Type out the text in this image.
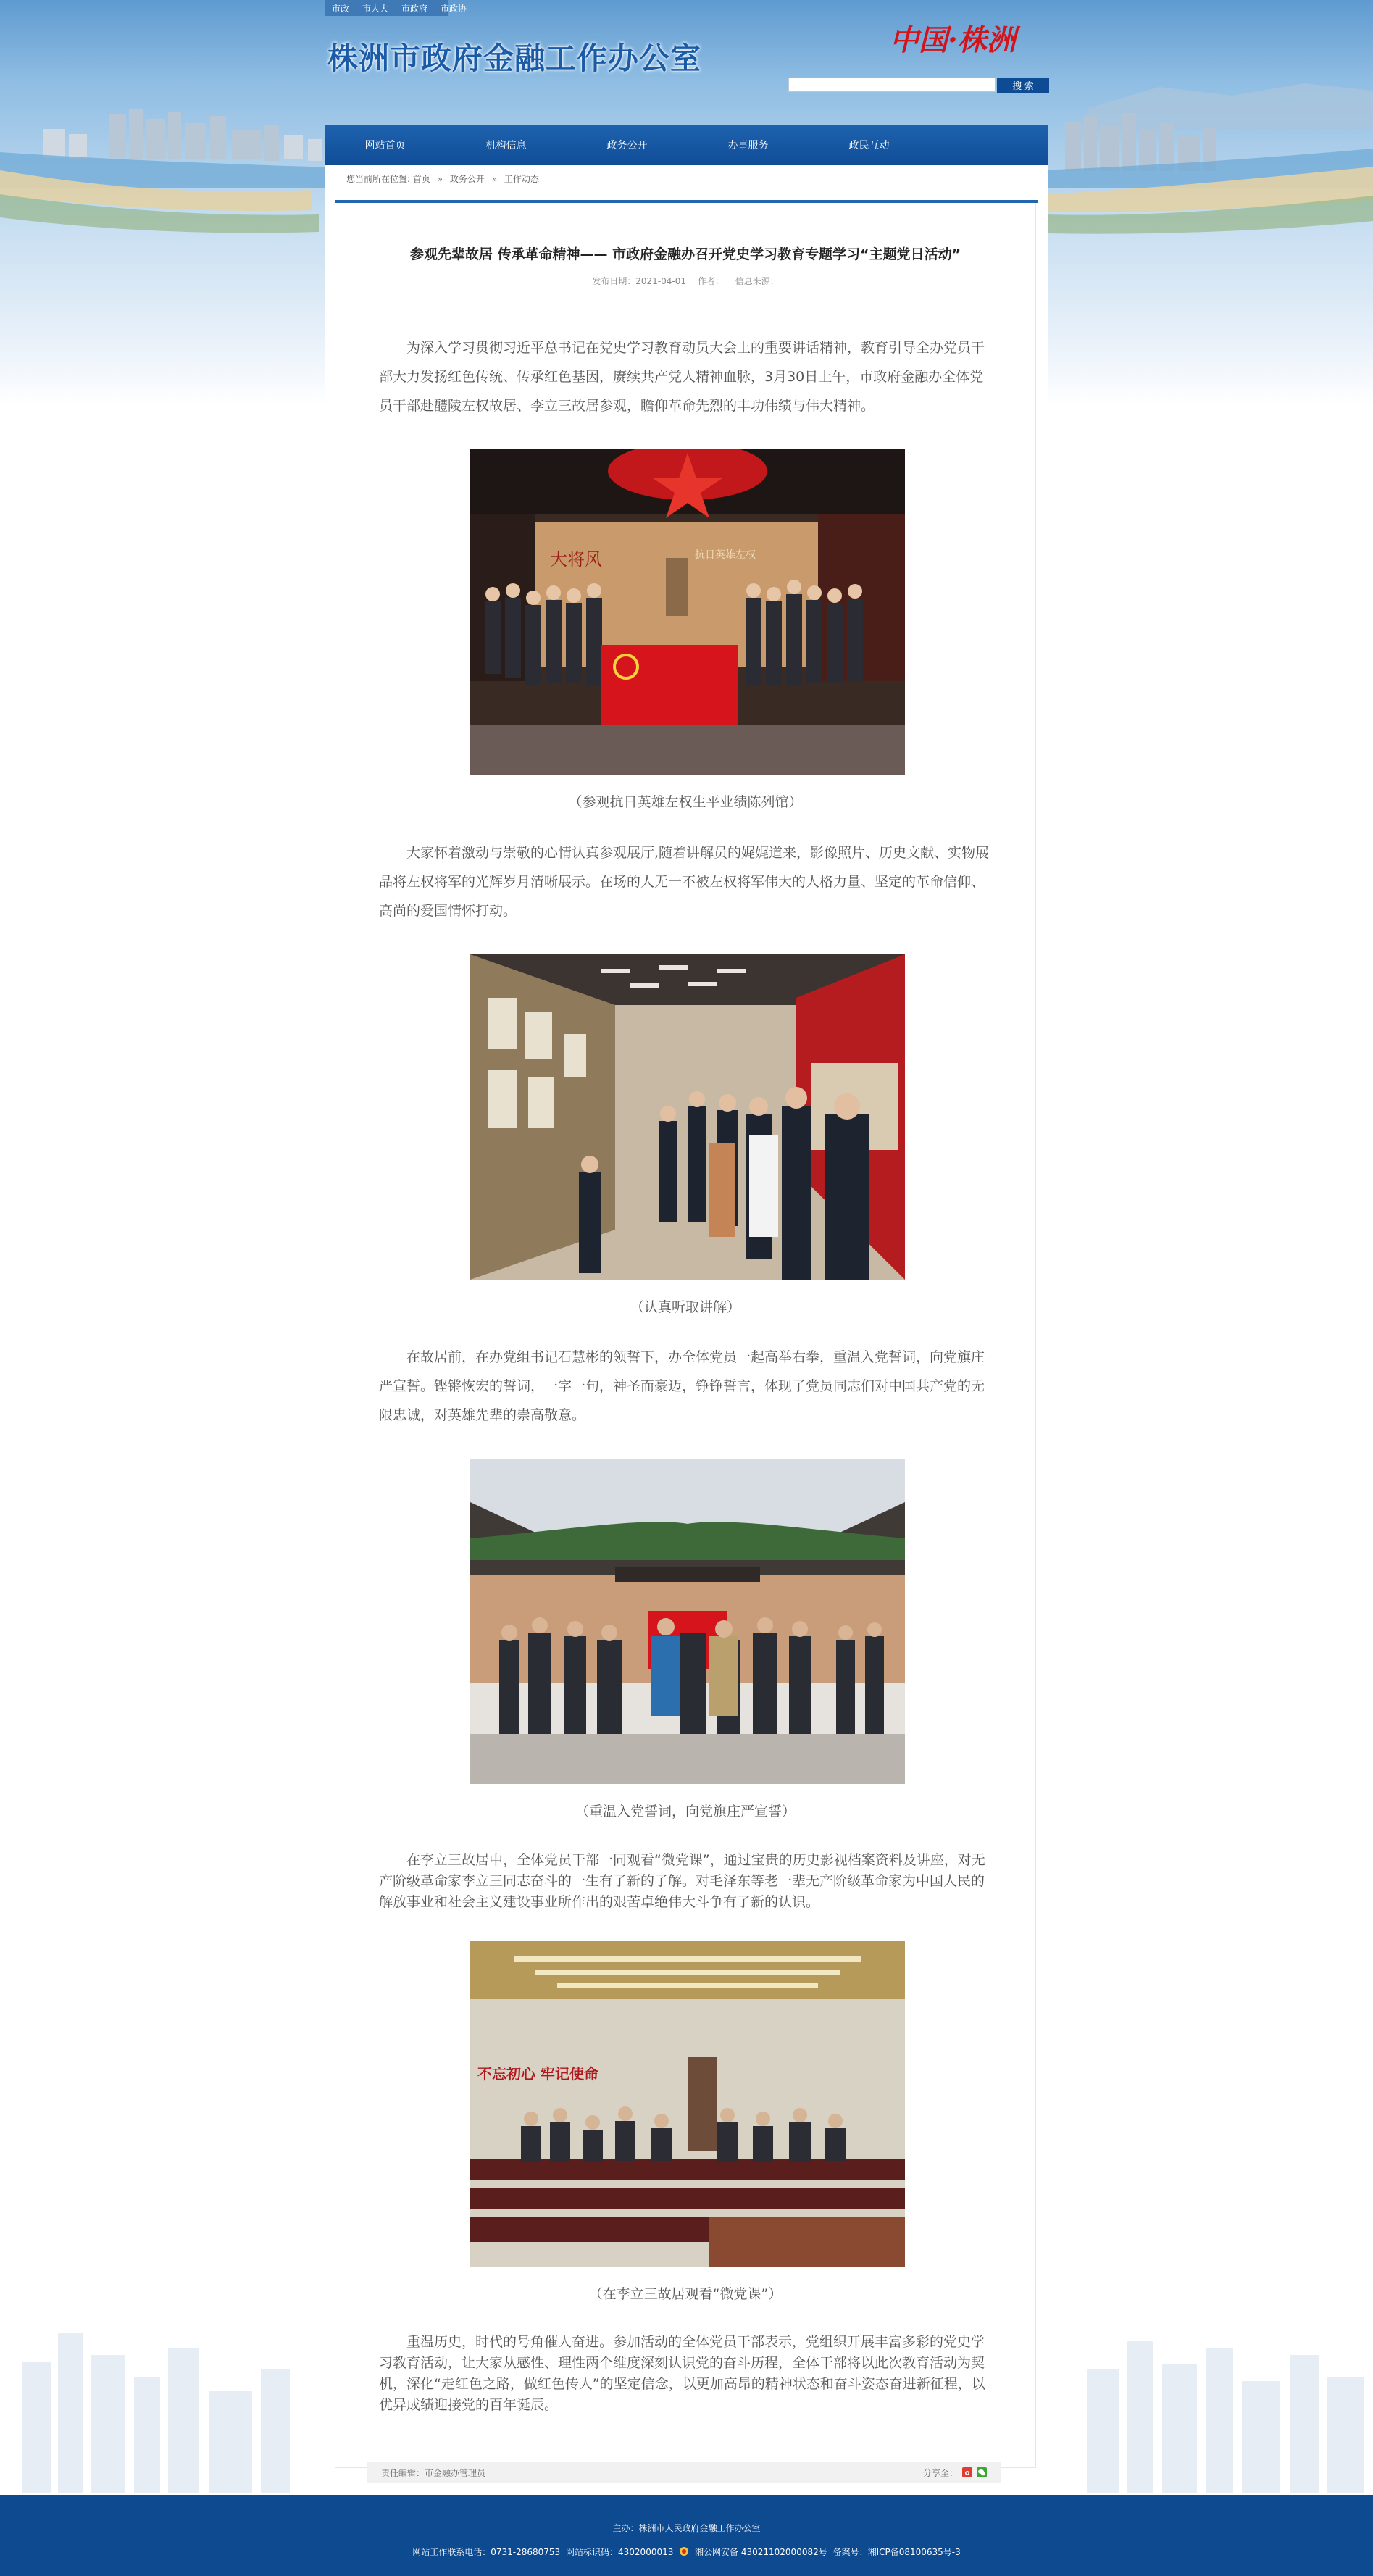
市政 市人大 市政府 市政协
株洲市政府金融工作办公室
中国·株洲
搜 索
网站首页	机构信息	政务公开	办事服务	政民互动
您当前所在位置: 首页 » 政务公开 » 工作动态
参观先辈故居 传承革命精神—— 市政府金融办召开党史学习教育专题学习“主题党日活动”
发布日期：2021-04-01 作者： 信息来源：

为深入学习贯彻习近平总书记在党史学习教育动员大会上的重要讲话精神，教育引导全办党员干部大力发扬红色传统、传承红色基因，赓续共产党人精神血脉，3月30日上午，市政府金融办全体党员干部赴醴陵左权故居、李立三故居参观，瞻仰革命先烈的丰功伟绩与伟大精神。

大将风	抗日英雄左权
（参观抗日英雄左权生平业绩陈列馆）

大家怀着激动与崇敬的心情认真参观展厅,随着讲解员的娓娓道来，影像照片、历史文献、实物展品将左权将军的光辉岁月清晰展示。在场的人无一不被左权将军伟大的人格力量、坚定的革命信仰、高尚的爱国情怀打动。

（认真听取讲解）

在故居前，在办党组书记石慧彬的领誓下，办全体党员一起高举右拳，重温入党誓词，向党旗庄严宣誓。铿锵恢宏的誓词，一字一句，神圣而豪迈，铮铮誓言，体现了党员同志们对中国共产党的无限忠诚，对英雄先辈的崇高敬意。

（重温入党誓词，向党旗庄严宣誓）

在李立三故居中，全体党员干部一同观看“微党课”，通过宝贵的历史影视档案资料及讲座，对无产阶级革命家李立三同志奋斗的一生有了新的了解。对毛泽东等老一辈无产阶级革命家为中国人民的解放事业和社会主义建设事业所作出的艰苦卓绝伟大斗争有了新的认识。

不忘初心 牢记使命
（在李立三故居观看“微党课”）

重温历史，时代的号角催人奋进。参加活动的全体党员干部表示，党组织开展丰富多彩的党史学习教育活动，让大家从感性、理性两个维度深刻认识党的奋斗历程，全体干部将以此次教育活动为契机，深化“走红色之路，做红色传人”的坚定信念，以更加高昂的精神状态和奋斗姿态奋进新征程，以优异成绩迎接党的百年诞辰。

责任编辑：市金融办管理员	分享至：
主办：株洲市人民政府金融工作办公室
网站工作联系电话：0731-28680753 网站标识码：4302000013 湘公网安备 43021102000082号 备案号：湘ICP备08100635号-3
